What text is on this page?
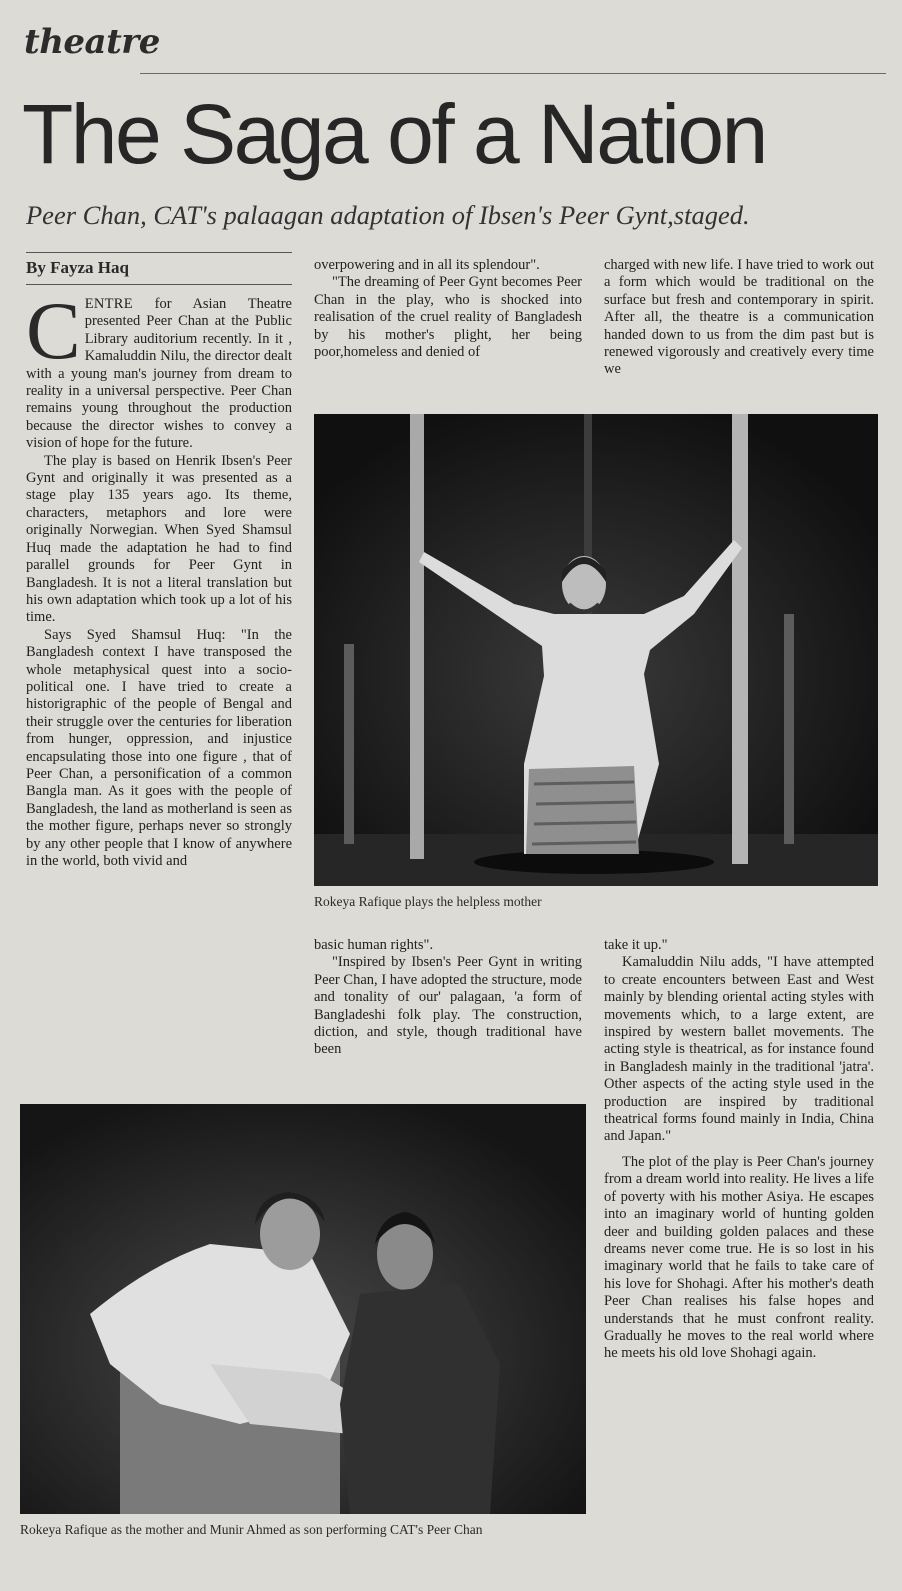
theatre
The Saga of a Nation
Peer Chan, CAT's palaagan adaptation of Ibsen's Peer Gynt,staged.
By Fayza Haq

CENTRE for Asian Theatre presented Peer Chan at the Public Library auditorium recently. In it , Kamaluddin Nilu, the director dealt with a young man's journey from dream to reality in a universal perspective. Peer Chan remains young throughout the production because the director wishes to convey a vision of hope for the future.

The play is based on Henrik Ibsen's Peer Gynt and originally it was presented as a stage play 135 years ago. Its theme, characters, metaphors and lore were originally Norwegian. When Syed Shamsul Huq made the adaptation he had to find parallel grounds for Peer Gynt in Bangladesh. It is not a literal translation but his own adaptation which took up a lot of his time.

Says Syed Shamsul Huq: "In the Bangladesh context I have transposed the whole metaphysical quest into a socio-political one. I have tried to create a historigraphic of the people of Bengal and their struggle over the centuries for liberation from hunger, oppression, and injustice encapsulating those into one figure , that of Peer Chan, a personification of a common Bangla man. As it goes with the people of Bangladesh, the land as motherland is seen as the mother figure, perhaps never so strongly by any other people that I know of anywhere in the world, both vivid and

overpowering and in all its splendour".

"The dreaming of Peer Gynt becomes Peer Chan in the play, who is shocked into realisation of the cruel reality of Bangladesh by his mother's plight, her being poor,homeless and denied of

charged with new life. I have tried to work out a form which would be traditional on the surface but fresh and contemporary in spirit. After all, the theatre is a communication handed down to us from the dim past but is renewed vigorously and creatively every time we

Rokeya Rafique plays the helpless mother

basic human rights".

"Inspired by Ibsen's Peer Gynt in writing Peer Chan, I have adopted the structure, mode and tonality of our' palagaan, 'a form of Bangladeshi folk play. The construction, diction, and style, though traditional have been

take it up."

Kamaluddin Nilu adds, "I have attempted to create encounters between East and West mainly by blending oriental acting styles with movements which, to a large extent, are inspired by western ballet movements. The acting style is theatrical, as for instance found in Bangladesh mainly in the traditional 'jatra'. Other aspects of the acting style used in the production are inspired by traditional theatrical forms found mainly in India, China and Japan."

The plot of the play is Peer Chan's journey from a dream world into reality. He lives a life of poverty with his mother Asiya. He escapes into an imaginary world of hunting golden deer and building golden palaces and these dreams never come true. He is so lost in his imaginary world that he fails to take care of his love for Shohagi. After his mother's death Peer Chan realises his false hopes and understands that he must confront reality. Gradually he moves to the real world where he meets his old love Shohagi again.

Rokeya Rafique as the mother and Munir Ahmed as son performing CAT's Peer Chan
